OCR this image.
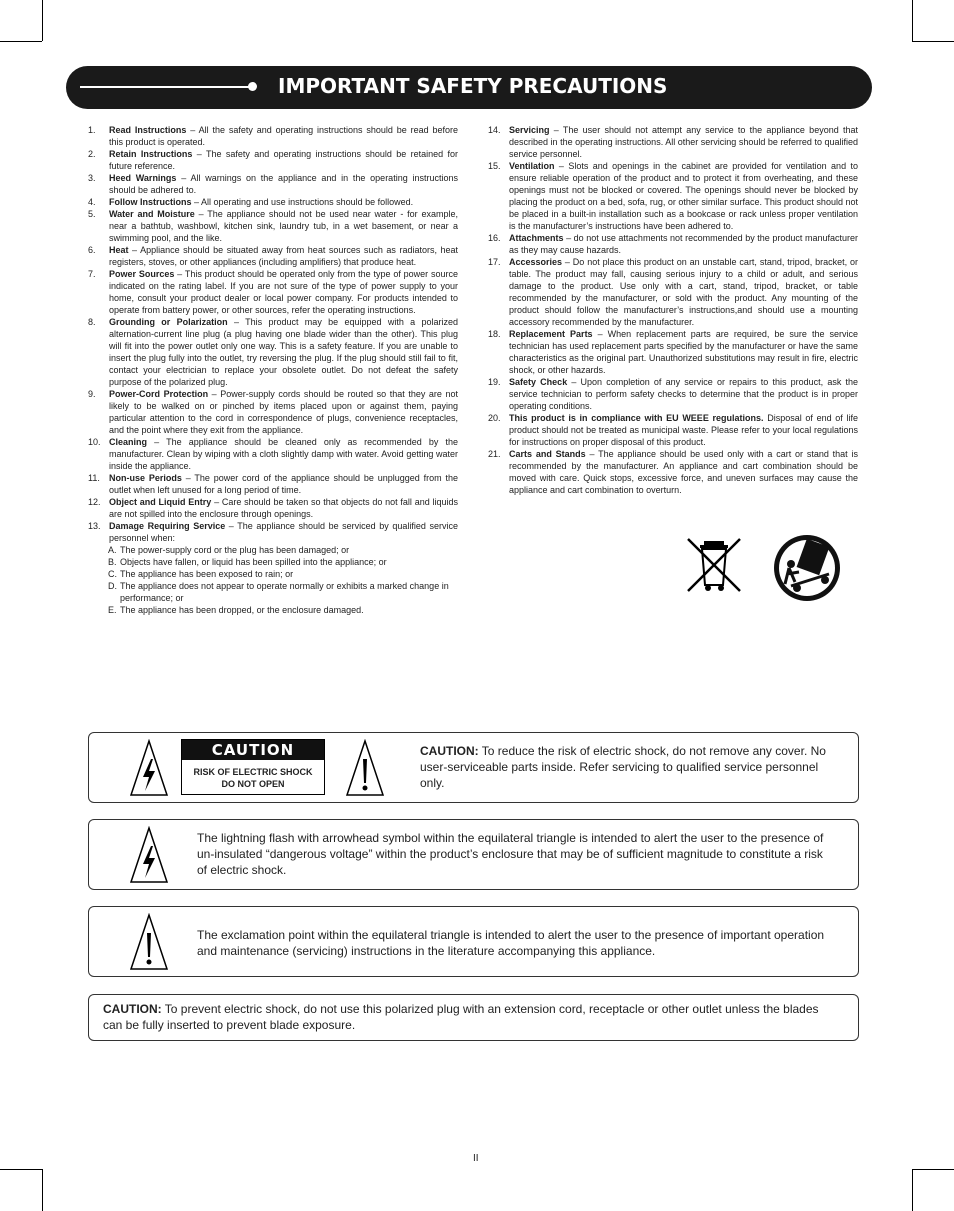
IMPORTANT SAFETY PRECAUTIONS
1.	Read Instructions – All the safety and operating instructions should be read before this product is operated.
2.	Retain Instructions – The safety and operating instructions should be retained for future reference.
3.	Heed Warnings – All warnings on the appliance and in the operating instructions should be adhered to.
4.	Follow Instructions – All operating and use instructions should be followed.
5.	Water and Moisture – The appliance should not be used near water - for example, near a bathtub, washbowl, kitchen sink, laundry tub, in a wet basement, or near a swimming pool, and the like.
6.	Heat – Appliance should be situated away from heat sources such as radiators, heat registers, stoves, or other appliances (including amplifiers) that produce heat.
7.	Power Sources – This product should be operated only from the type of power source indicated on the rating label. If you are not sure of the type of power supply to your home, consult your product dealer or local power company. For products intended to operate from battery power, or other sources, refer the operating instructions.
8.	Grounding or Polarization – This product may be equipped with a polarized alternation-current line plug (a plug having one blade wider than the other). This plug will fit into the power outlet only one way. This is a safety feature. If you are unable to insert the plug fully into the outlet, try reversing the plug. If the plug should still fail to fit, contact your electrician to replace your obsolete outlet. Do not defeat the safety purpose of the polarized plug.
9.	Power-Cord Protection – Power-supply cords should be routed so that they are not likely to be walked on or pinched by items placed upon or against them, paying particular attention to the cord in correspondence of plugs, convenience receptacles, and the point where they exit from the appliance.
10. Cleaning – The appliance should be cleaned only as recommended by the manufacturer. Clean by wiping with a cloth slightly damp with water. Avoid getting water inside the appliance.
11.	Non-use Periods – The power cord of the appliance should be unplugged from the outlet when left unused for a long period of time.
12. Object and Liquid Entry – Care should be taken so that objects do not fall and liquids are not spilled into the enclosure through openings.
13. Damage Requiring Service – The appliance should be serviced by qualified service personnel when:
A. The power-supply cord or the plug has been damaged; or
B. Objects have fallen, or liquid has been spilled into the appliance; or
C. The appliance has been exposed to rain; or
D. The appliance does not appear to operate normally or exhibits a marked change in performance; or
E. The appliance has been dropped, or the enclosure damaged.
14. Servicing – The user should not attempt any service to the appliance beyond that described in the operating instructions. All other servicing should be referred to qualified service personnel.
15. Ventilation – Slots and openings in the cabinet are provided for ventilation and to ensure reliable operation of the product and to protect it from overheating, and these openings must not be blocked or covered. The openings should never be blocked by placing the product on a bed, sofa, rug, or other similar surface. This product should not be placed in a built-in installation such as a bookcase or rack unless proper ventilation is the manufacturer’s instructions have been adhered to.
16. Attachments – do not use attachments not recommended by the product manufacturer as they may cause hazards.
17. Accessories – Do not place this product on an unstable cart, stand, tripod, bracket, or table. The product may fall, causing serious injury to a child or adult, and serious damage to the product. Use only with a cart, stand, tripod, bracket, or table recommended by the manufacturer, or sold with the product. Any mounting of the product should follow the manufacturer’s instructions,and should use a mounting accessory recommended by the manufacturer.
18. Replacement Parts – When replacement parts are required, be sure the service technician has used replacement parts specified by the manufacturer or have the same characteristics as the original part. Unauthorized substitutions may result in fire, electric shock, or other hazards.
19. Safety Check – Upon completion of any service or repairs to this product, ask the service technician to perform safety checks to determine that the product is in proper operating conditions.
20. This product is in compliance with EU WEEE regulations. Disposal of end of life product should not be treated as municipal waste. Please refer to your local regulations for instructions on proper disposal of this product.
21. Carts and Stands – The appliance should be used only with a cart or stand that is recommended by the manufacturer. An appliance and cart combination should be moved with care. Quick stops, excessive force, and uneven surfaces may cause the appliance and cart combination to overturn.
CAUTION: To reduce the risk of electric shock, do not remove any cover. No user-serviceable parts inside. Refer servicing to qualified service personnel only.
CAUTION
RISK OF ELECTRIC SHOCK
DO NOT OPEN
The lightning flash with arrowhead symbol within the equilateral triangle is intended to alert the user to the presence of un-insulated “dangerous voltage” within the product’s enclosure that may be of sufficient magnitude to constitute a risk of electric shock.
The exclamation point within the equilateral triangle is intended to alert the user to the presence of important operation and maintenance (servicing) instructions in the literature accompanying this appliance.
CAUTION: To prevent electric shock, do not use this polarized plug with an extension cord, receptacle or other outlet unless the blades can be fully inserted to prevent blade exposure.
II
